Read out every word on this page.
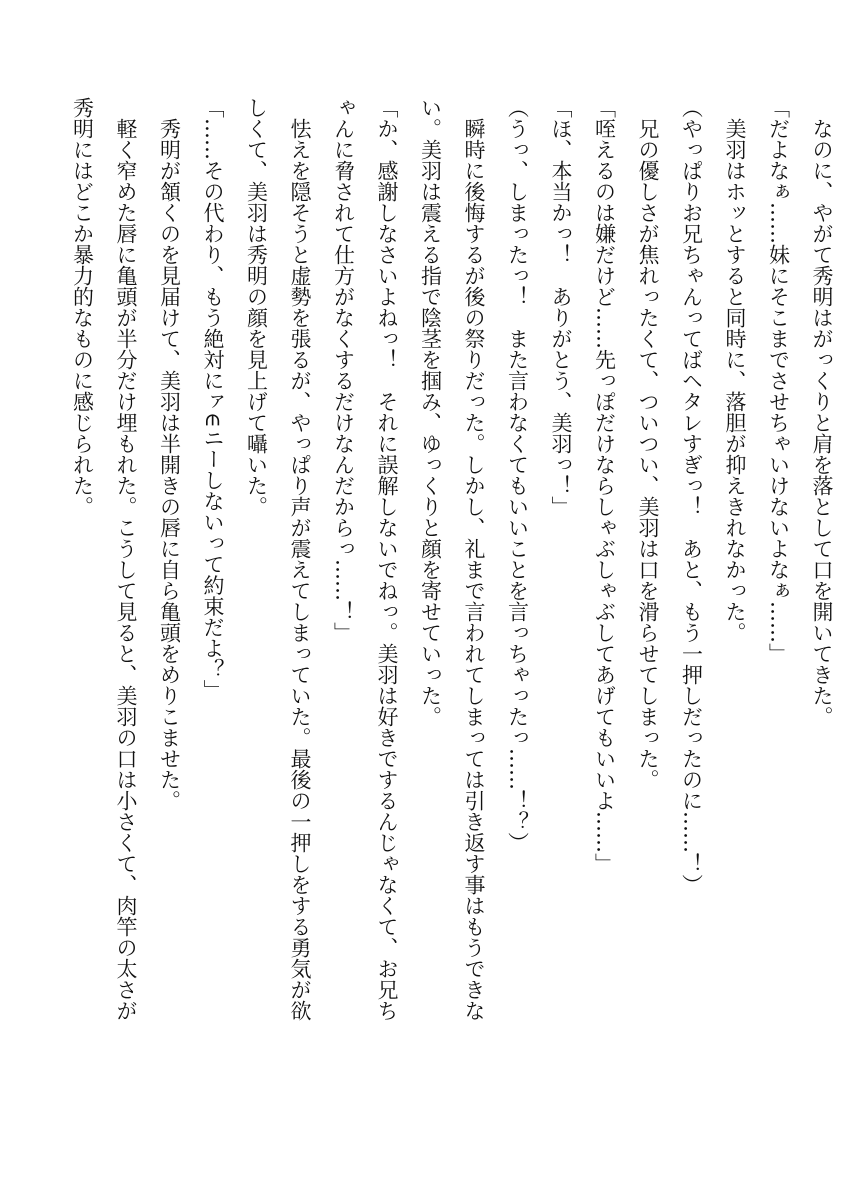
なのに、やがて秀明はがっくりと肩を落として口を開いてきた。

「だよなぁ……妹にそこまでさせちゃいけないよなぁ……」

美羽はホッとすると同時に、落胆が抑えきれなかった。

（やっぱりお兄ちゃんってばヘタレすぎっ！　あと、もう一押しだったのに……！）

兄の優しさが焦れったくて、ついつい、美羽は口を滑らせてしまった。

「咥えるのは嫌だけど……先っぽだけならしゃぶしゃぶしてあげてもいいよ……」

「ほ、本当かっ！　ありがとう、美羽っ！」

（うっ、しまったっ！　また言わなくてもいいことを言っちゃったっ……！？）

瞬時に後悔するが後の祭りだった。しかし、礼まで言われてしまっては引き返す事はもうできない。美羽は震える指で陰茎を掴み、ゆっくりと顔を寄せていった。

「か、感謝しなさいよねっ！　それに誤解しないでねっ。美羽は好きでするんじゃなくて、お兄ちゃんに脅されて仕方がなくするだけなんだからっ……！」

怯えを隠そうと虚勢を張るが、やっぱり声が震えてしまっていた。最後の一押しをする勇気が欲しくて、美羽は秀明の顔を見上げて囁いた。

「……その代わり、もう絶対にァ∈ニーしないって約束だよ？」

秀明が頷くのを見届けて、美羽は半開きの唇に自ら亀頭をめりこませた。

軽く窄めた唇に亀頭が半分だけ埋もれた。こうして見ると、美羽の口は小さくて、肉竿の太さが秀明にはどこか暴力的なものに感じられた。
